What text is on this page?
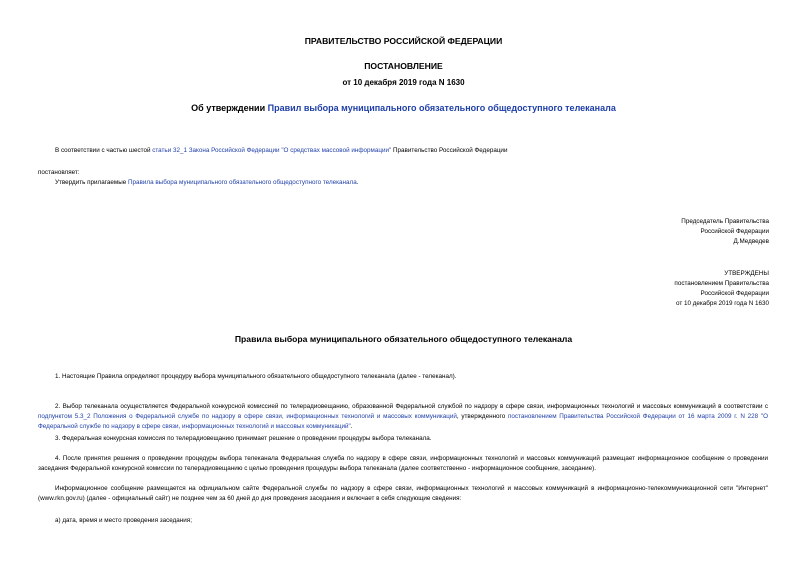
ПРАВИТЕЛЬСТВО РОССИЙСКОЙ ФЕДЕРАЦИИ
ПОСТАНОВЛЕНИЕ
от 10 декабря 2019 года N 1630
Об утверждении Правил выбора муниципального обязательного общедоступного телеканала
В соответствии с частью шестой статьи 32_1 Закона Российской Федерации "О средствах массовой информации" Правительство Российской Федерации
постановляет:
Утвердить прилагаемые Правила выбора муниципального обязательного общедоступного телеканала.
Председатель Правительства
Российской Федерации
Д.Медведев
УТВЕРЖДЕНЫ
постановлением Правительства
Российской Федерации
от 10 декабря 2019 года N 1630
Правила выбора муниципального обязательного общедоступного телеканала
1. Настоящие Правила определяют процедуру выбора муниципального обязательного общедоступного телеканала (далее - телеканал).
2. Выбор телеканала осуществляется Федеральной конкурсной комиссией по телерадиовещанию, образованной Федеральной службой по надзору в сфере связи, информационных технологий и массовых коммуникаций в соответствии с подпунктом 5.3_2 Положения о Федеральной службе по надзору в сфере связи, информационных технологий и массовых коммуникаций, утвержденного постановлением Правительства Российской Федерации от 16 марта 2009 г. N 228 "О Федеральной службе по надзору в сфере связи, информационных технологий и массовых коммуникаций".
3. Федеральная конкурсная комиссия по телерадиовещанию принимает решение о проведении процедуры выбора телеканала.
4. После принятия решения о проведении процедуры выбора телеканала Федеральная служба по надзору в сфере связи, информационных технологий и массовых коммуникаций размещает информационное сообщение о проведении заседания Федеральной конкурсной комиссии по телерадиовещанию с целью проведения процедуры выбора телеканала (далее соответственно - информационное сообщение, заседание).
Информационное сообщение размещается на официальном сайте Федеральной службы по надзору в сфере связи, информационных технологий и массовых коммуникаций в информационно-телекоммуникационной сети "Интернет" (www.rkn.gov.ru) (далее - официальный сайт) не позднее чем за 60 дней до дня проведения заседания и включает в себя следующие сведения:
а) дата, время и место проведения заседания;
